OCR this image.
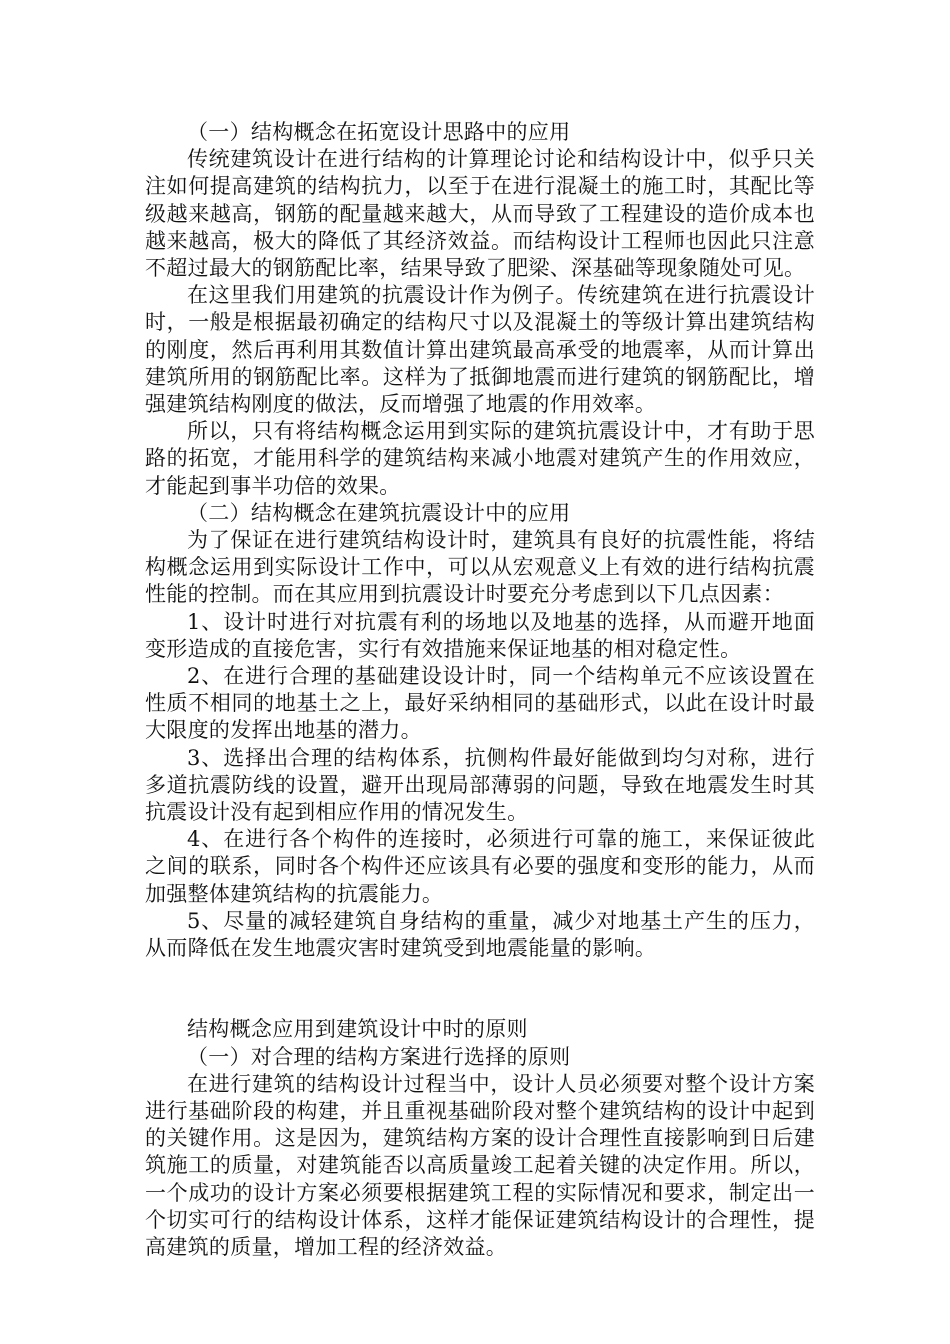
（一）结构概念在拓宽设计思路中的应用

传统建筑设计在进行结构的计算理论讨论和结构设计中，似乎只关注如何提高建筑的结构抗力，以至于在进行混凝土的施工时，其配比等级越来越高，钢筋的配量越来越大，从而导致了工程建设的造价成本也越来越高，极大的降低了其经济效益。而结构设计工程师也因此只注意不超过最大的钢筋配比率，结果导致了肥梁、深基础等现象随处可见。

在这里我们用建筑的抗震设计作为例子。传统建筑在进行抗震设计时，一般是根据最初确定的结构尺寸以及混凝土的等级计算出建筑结构的刚度，然后再利用其数值计算出建筑最高承受的地震率，从而计算出建筑所用的钢筋配比率。这样为了抵御地震而进行建筑的钢筋配比，增强建筑结构刚度的做法，反而增强了地震的作用效率。

所以，只有将结构概念运用到实际的建筑抗震设计中，才有助于思路的拓宽，才能用科学的建筑结构来减小地震对建筑产生的作用效应，才能起到事半功倍的效果。

（二）结构概念在建筑抗震设计中的应用

为了保证在进行建筑结构设计时，建筑具有良好的抗震性能，将结构概念运用到实际设计工作中，可以从宏观意义上有效的进行结构抗震性能的控制。而在其应用到抗震设计时要充分考虑到以下几点因素：

1、设计时进行对抗震有利的场地以及地基的选择，从而避开地面变形造成的直接危害，实行有效措施来保证地基的相对稳定性。

2、在进行合理的基础建设设计时，同一个结构单元不应该设置在性质不相同的地基土之上，最好采纳相同的基础形式，以此在设计时最大限度的发挥出地基的潜力。

3、选择出合理的结构体系，抗侧构件最好能做到均匀对称，进行多道抗震防线的设置，避开出现局部薄弱的问题，导致在地震发生时其抗震设计没有起到相应作用的情况发生。

4、在进行各个构件的连接时，必须进行可靠的施工，来保证彼此之间的联系，同时各个构件还应该具有必要的强度和变形的能力，从而加强整体建筑结构的抗震能力。

5、尽量的减轻建筑自身结构的重量，减少对地基土产生的压力，从而降低在发生地震灾害时建筑受到地震能量的影响。

结构概念应用到建筑设计中时的原则

（一）对合理的结构方案进行选择的原则

在进行建筑的结构设计过程当中，设计人员必须要对整个设计方案进行基础阶段的构建，并且重视基础阶段对整个建筑结构的设计中起到的关键作用。这是因为，建筑结构方案的设计合理性直接影响到日后建筑施工的质量，对建筑能否以高质量竣工起着关键的决定作用。所以，一个成功的设计方案必须要根据建筑工程的实际情况和要求，制定出一个切实可行的结构设计体系，这样才能保证建筑结构设计的合理性，提高建筑的质量，增加工程的经济效益。
